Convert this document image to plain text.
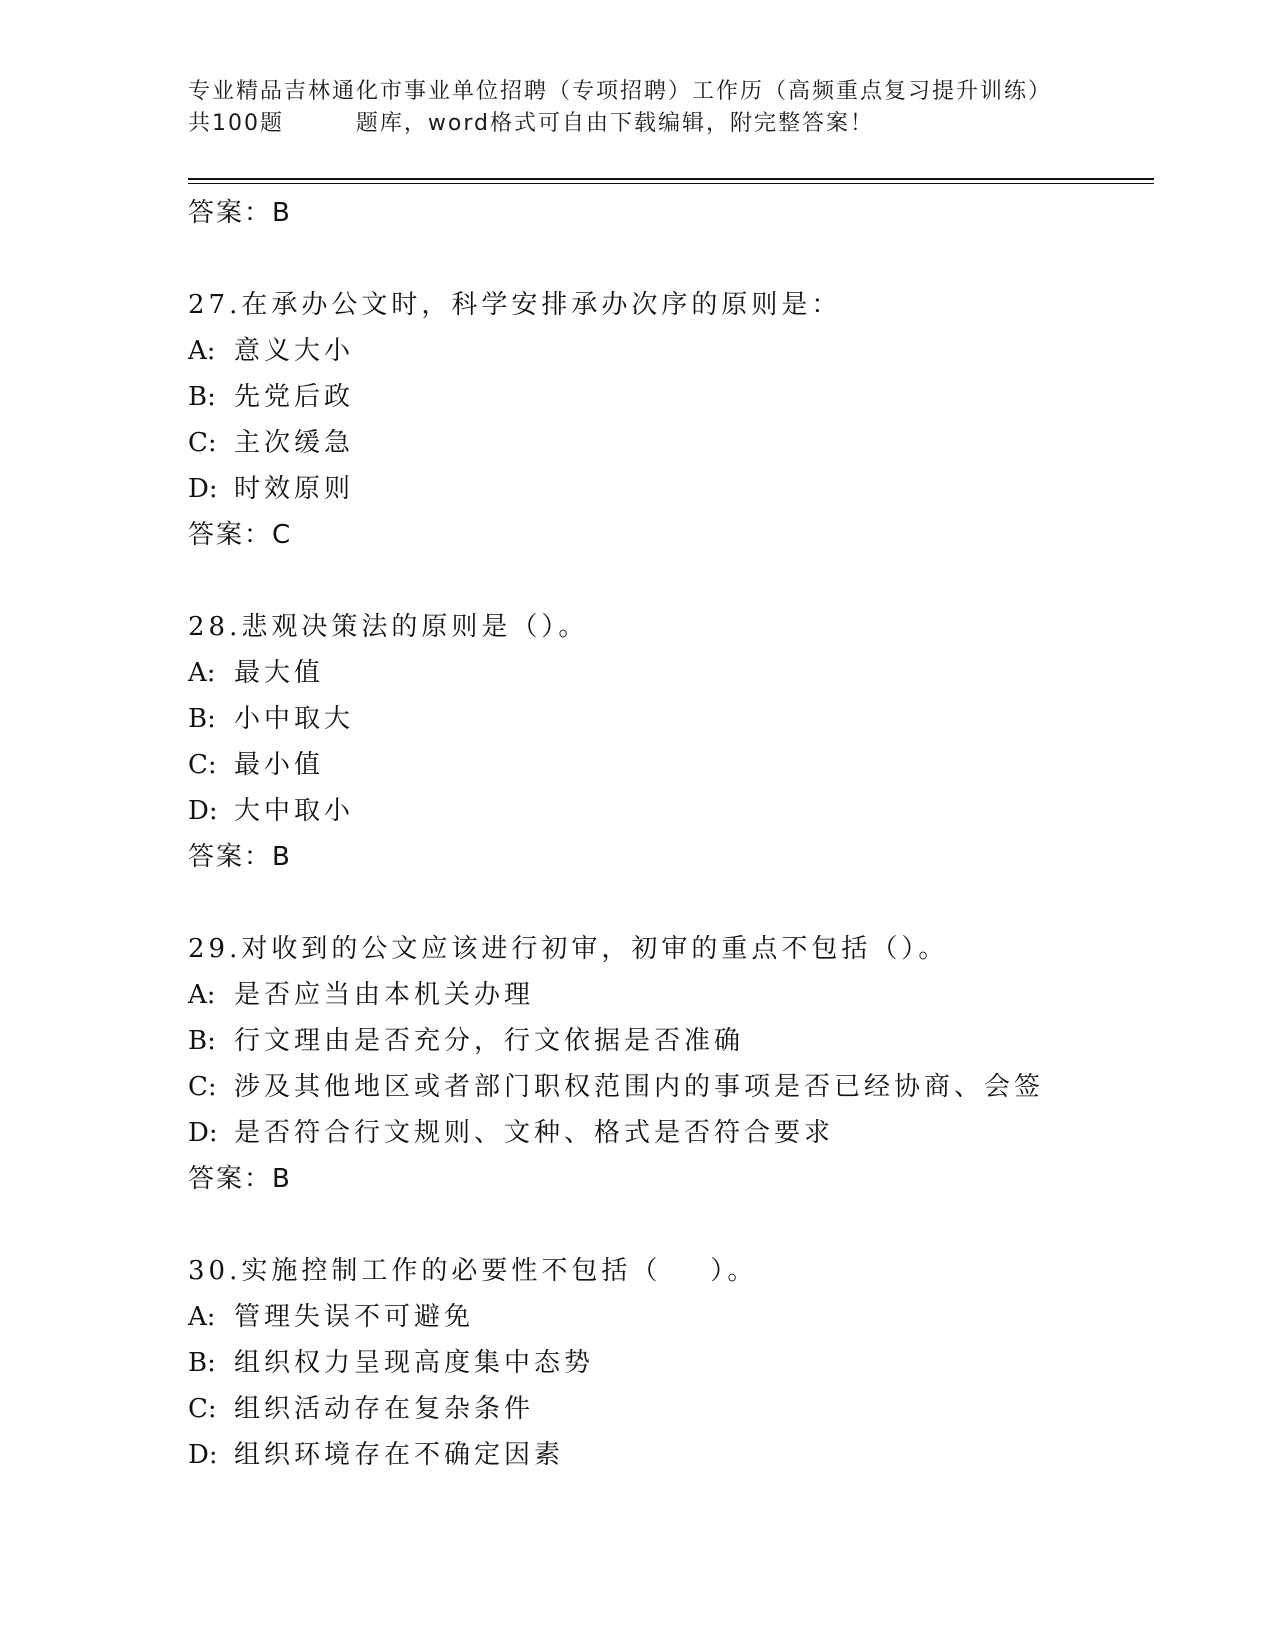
专业精品吉林通化市事业单位招聘（专项招聘）工作历（高频重点复习提升训练）
共100题        题库，word格式可自由下载编辑，附完整答案！
答案：B
27.在承办公文时，科学安排承办次序的原则是：
A: 意义大小
B: 先党后政
C: 主次缓急
D: 时效原则
答案：C
28.悲观决策法的原则是（）。
A: 最大值
B: 小中取大
C: 最小值
D: 大中取小
答案：B
29.对收到的公文应该进行初审，初审的重点不包括（）。
A: 是否应当由本机关办理
B: 行文理由是否充分，行文依据是否准确
C: 涉及其他地区或者部门职权范围内的事项是否已经协商、会签
D: 是否符合行文规则、文种、格式是否符合要求
答案：B
30.实施控制工作的必要性不包括（    ）。
A: 管理失误不可避免
B: 组织权力呈现高度集中态势
C: 组织活动存在复杂条件
D: 组织环境存在不确定因素
